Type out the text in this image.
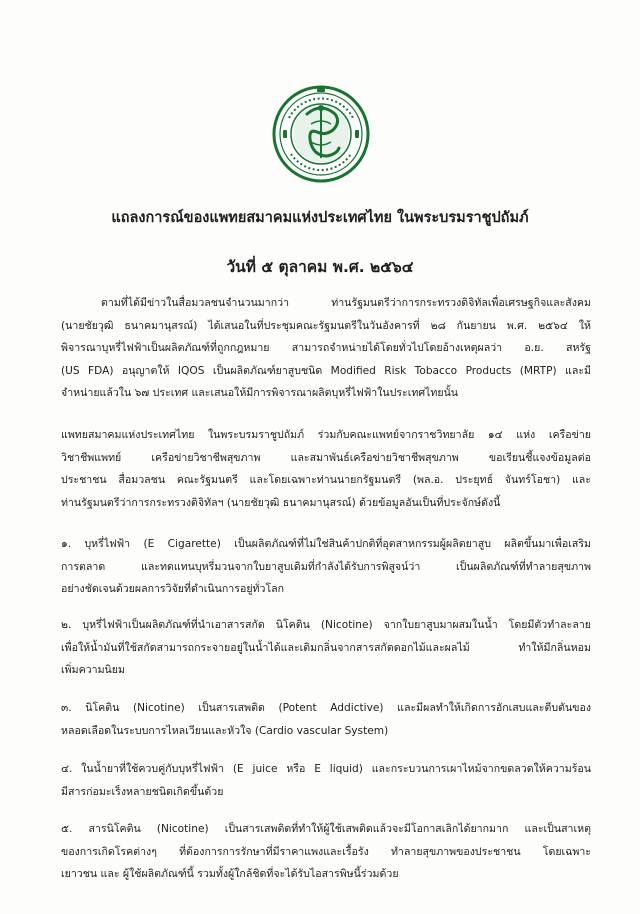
แถลงการณ์ของแพทยสมาคมแห่งประเทศไทย ในพระบรมราชูปถัมภ์
วันที่ ๕ ตุลาคม พ.ศ. ๒๕๖๔
ตามที่ได้มีข่าวในสื่อมวลชนจำนวนมากว่า ท่านรัฐมนตรีว่าการกระทรวงดิจิทัลเพื่อเศรษฐกิจและสังคม
(นายชัยวุฒิ ธนาคมานุสรณ์) ได้เสนอในที่ประชุมคณะรัฐมนตรีในวันอังคารที่ ๒๘ กันยายน พ.ศ. ๒๕๖๔ ให้
พิจารณาบุหรี่ไฟฟ้าเป็นผลิตภัณฑ์ที่ถูกกฎหมาย สามารถจำหน่ายได้โดยทั่วไปโดยอ้างเหตุผลว่า อ.ย. สหรัฐ
(US FDA) อนุญาตให้ IQOS เป็นผลิตภัณฑ์ยาสูบชนิด Modified Risk Tobacco Products (MRTP) และมี
จำหน่ายแล้วใน ๖๗ ประเทศ และเสนอให้มีการพิจารณาผลิตบุหรี่ไฟฟ้าในประเทศไทยนั้น
แพทยสมาคมแห่งประเทศไทย ในพระบรมราชูปถัมภ์ ร่วมกับคณะแพทย์จากราชวิทยาลัย ๑๔ แห่ง เครือข่าย
วิชาชีพแพทย์ เครือข่ายวิชาชีพสุขภาพ และสมาพันธ์เครือข่ายวิชาชีพสุขภาพ ขอเรียนชี้แจงข้อมูลต่อ
ประชาชน สื่อมวลชน คณะรัฐมนตรี และโดยเฉพาะท่านนายกรัฐมนตรี (พล.อ. ประยุทธ์ จันทร์โอชา) และ
ท่านรัฐมนตรีว่าการกระทรวงดิจิทัลฯ (นายชัยวุฒิ ธนาคมานุสรณ์) ด้วยข้อมูลอันเป็นที่ประจักษ์ดังนี้
๑. บุหรี่ไฟฟ้า (E Cigarette) เป็นผลิตภัณฑ์ที่ไม่ใช่สินค้าปกติที่อุตสาหกรรมผู้ผลิตยาสูบ ผลิตขึ้นมาเพื่อเสริม
การตลาด และทดแทนบุหรี่มวนจากใบยาสูบเดิมที่กำลังได้รับการพิสูจน์ว่า เป็นผลิตภัณฑ์ที่ทำลายสุขภาพ
อย่างชัดเจนด้วยผลการวิจัยที่ดำเนินการอยู่ทั่วโลก
๒. บุหรี่ไฟฟ้าเป็นผลิตภัณฑ์ที่นำเอาสารสกัด นิโคติน (Nicotine) จากใบยาสูบมาผสมในน้ำ โดยมีตัวทำละลาย
เพื่อให้น้ำมันที่ใช้สกัดสามารถกระจายอยู่ในน้ำได้และเติมกลิ่นจากสารสกัดดอกไม้และผลไม้ ทำให้มีกลิ่นหอม
เพิ่มความนิยม
๓. นิโคติน (Nicotine) เป็นสารเสพติด (Potent Addictive) และมีผลทำให้เกิดการอักเสบและตีบตันของ
หลอดเลือดในระบบการไหลเวียนและหัวใจ (Cardio vascular System)
๔. ในน้ำยาที่ใช้ควบคู่กับบุหรี่ไฟฟ้า (E juice หรือ E liquid) และกระบวนการเผาไหม้จากขดลวดให้ความร้อน
มีสารก่อมะเร็งหลายชนิดเกิดขึ้นด้วย
๕. สารนิโคติน (Nicotine) เป็นสารเสพติดที่ทำให้ผู้ใช้เสพติดแล้วจะมีโอกาสเลิกได้ยากมาก และเป็นสาเหตุ
ของการเกิดโรคต่างๆ ที่ต้องการการรักษาที่มีราคาแพงและเรื้อรัง ทำลายสุขภาพของประชาชน โดยเฉพาะ
เยาวชน และ ผู้ใช้ผลิตภัณฑ์นี้ รวมทั้งผู้ใกล้ชิดที่จะได้รับไอสารพิษนี้ร่วมด้วย
